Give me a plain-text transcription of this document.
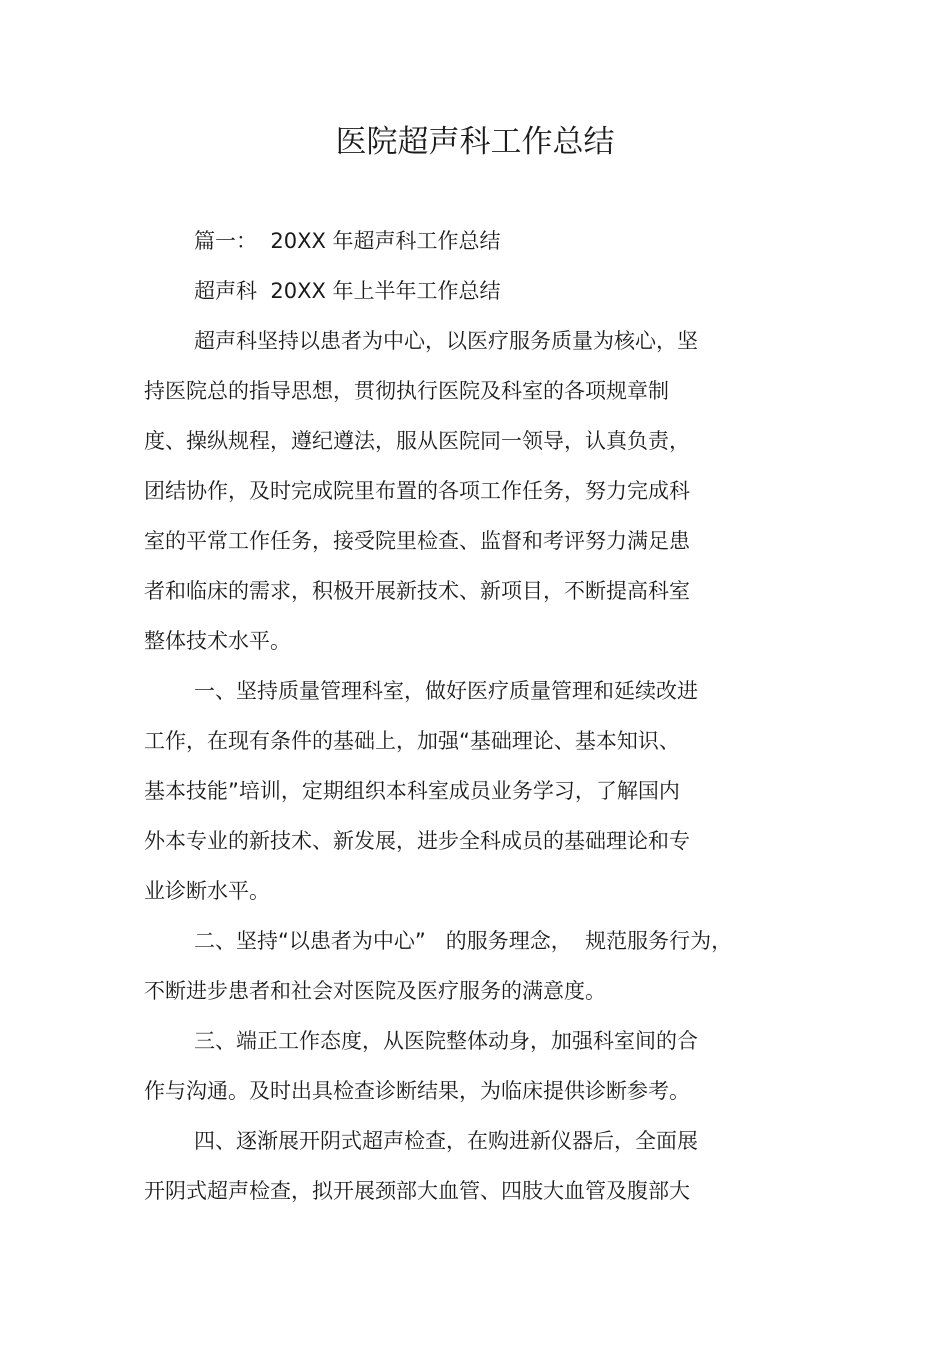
医院超声科工作总结
篇一：  20XX 年超声科工作总结
超声科  20XX 年上半年工作总结
超声科坚持以患者为中心，以医疗服务质量为核心，坚
持医院总的指导思想，贯彻执行医院及科室的各项规章制
度、操纵规程，遵纪遵法，服从医院同一领导，认真负责，
团结协作，及时完成院里布置的各项工作任务，努力完成科
室的平常工作任务，接受院里检查、监督和考评努力满足患
者和临床的需求，积极开展新技术、新项目，不断提高科室
整体技术水平。
一、坚持质量管理科室，做好医疗质量管理和延续改进
工作，在现有条件的基础上，加强“基础理论、基本知识、
基本技能”培训，定期组织本科室成员业务学习，了解国内
外本专业的新技术、新发展，进步全科成员的基础理论和专
业诊断水平。
二、坚持“以患者为中心”   的服务理念，  规范服务行为，
不断进步患者和社会对医院及医疗服务的满意度。
三、端正工作态度，从医院整体动身，加强科室间的合
作与沟通。及时出具检查诊断结果，为临床提供诊断参考。
四、逐渐展开阴式超声检查，在购进新仪器后，全面展
开阴式超声检查，拟开展颈部大血管、四肢大血管及腹部大
